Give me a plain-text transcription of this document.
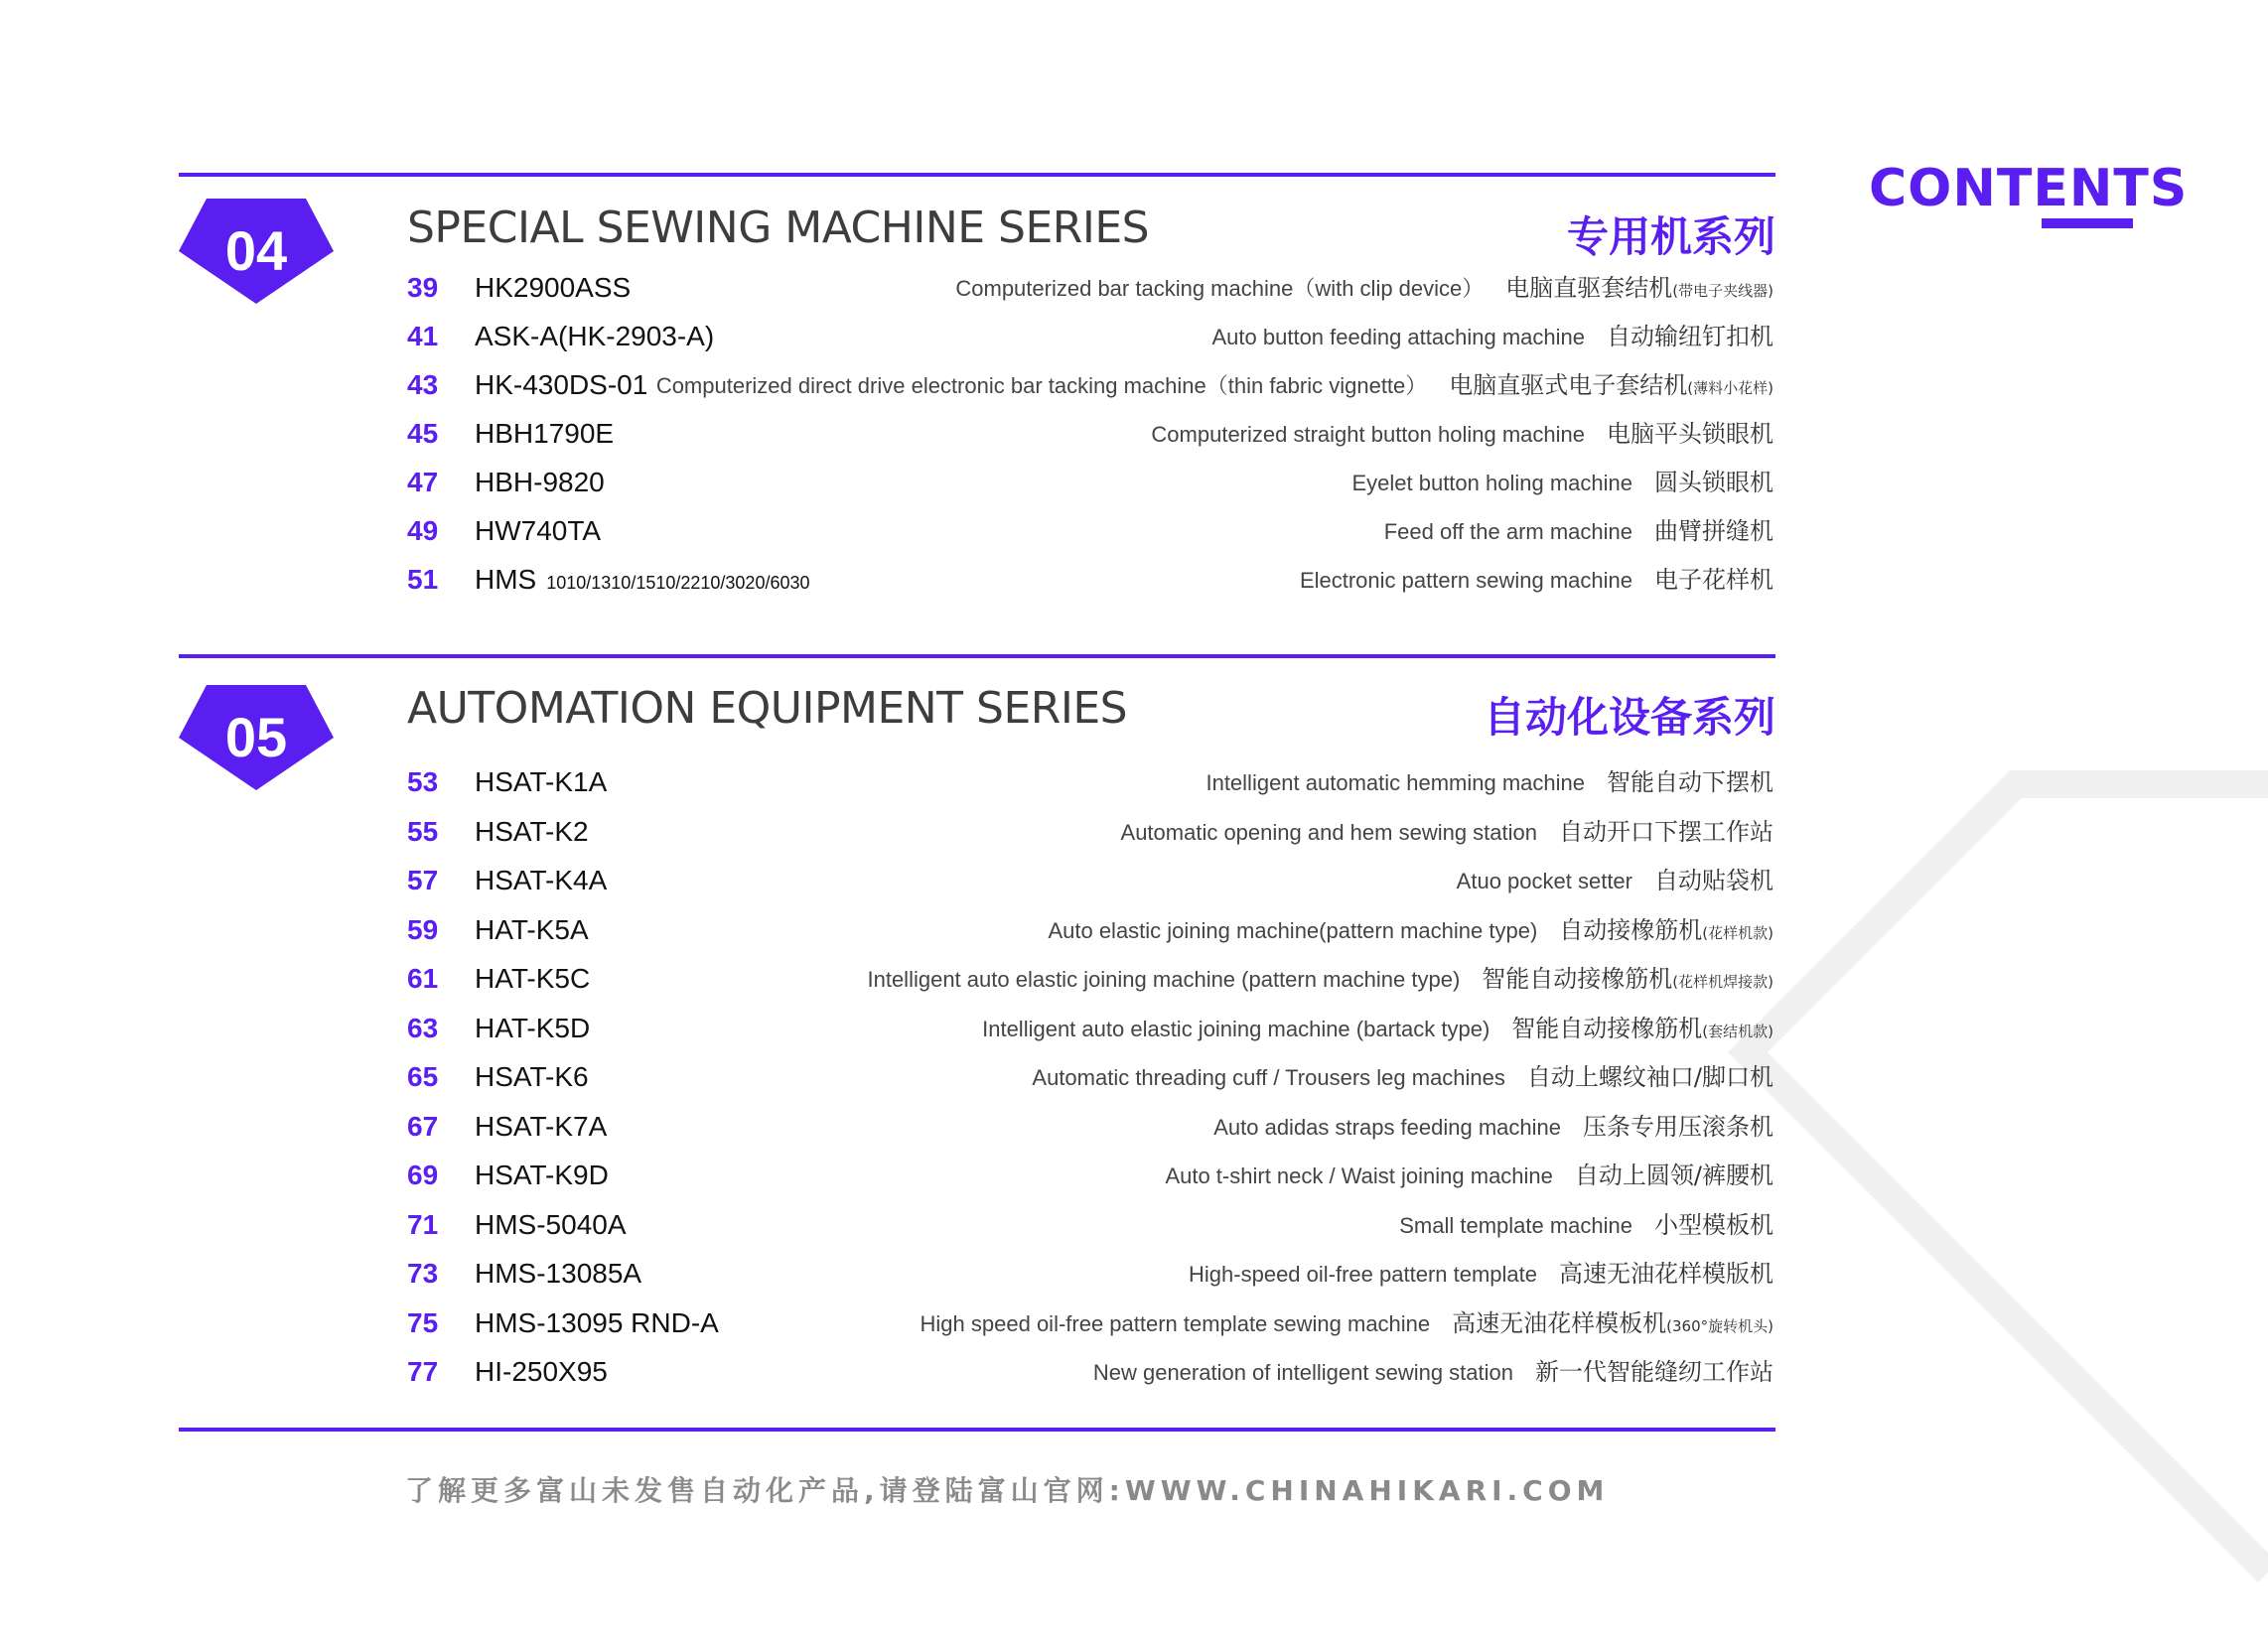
CONTENTS
04	SPECIAL SEWING MACHINE SERIES	专用机系列
39	HK2900ASS	Computerized bar tacking machine（with clip device） 电脑直驱套结机(带电子夹线器)
41	ASK-A(HK-2903-A)	Auto button feeding attaching machine 自动输纽钉扣机
43	HK-430DS-01 Computerized direct drive electronic bar tacking machine（thin fabric vignette） 电脑直驱式电子套结机(薄料小花样)
45	HBH1790E	Computerized straight button holing machine 电脑平头锁眼机
47	HBH-9820	Eyelet button holing machine 圆头锁眼机
49	HW740TA	Feed off the arm machine 曲臂拼缝机
51	HMS 1010/1310/1510/2210/3020/6030	Electronic pattern sewing machine 电子花样机
05	AUTOMATION EQUIPMENT SERIES	自动化设备系列
53	HSAT-K1A	Intelligent automatic hemming machine 智能自动下摆机
55	HSAT-K2	Automatic opening and hem sewing station 自动开口下摆工作站
57	HSAT-K4A	Atuo pocket setter 自动贴袋机
59	HAT-K5A	Auto elastic joining machine(pattern machine type) 自动接橡筋机(花样机款)
61	HAT-K5C	Intelligent auto elastic joining machine (pattern machine type) 智能自动接橡筋机(花样机焊接款)
63	HAT-K5D	Intelligent auto elastic joining machine (bartack type) 智能自动接橡筋机(套结机款)
65	HSAT-K6	Automatic threading cuff / Trousers leg machines 自动上螺纹袖口/脚口机
67	HSAT-K7A	Auto adidas straps feeding machine 压条专用压滚条机
69	HSAT-K9D	Auto t-shirt neck / Waist joining machine 自动上圆领/裤腰机
71	HMS-5040A	Small template machine 小型模板机
73	HMS-13085A	High-speed oil-free pattern template 高速无油花样模版机
75	HMS-13095 RND-A	High speed oil-free pattern template sewing machine 高速无油花样模板机(360°旋转机头)
77	HI-250X95	New generation of intelligent sewing station 新一代智能缝纫工作站
了解更多富山未发售自动化产品,请登陆富山官网:WWW.CHINAHIKARI.COM
